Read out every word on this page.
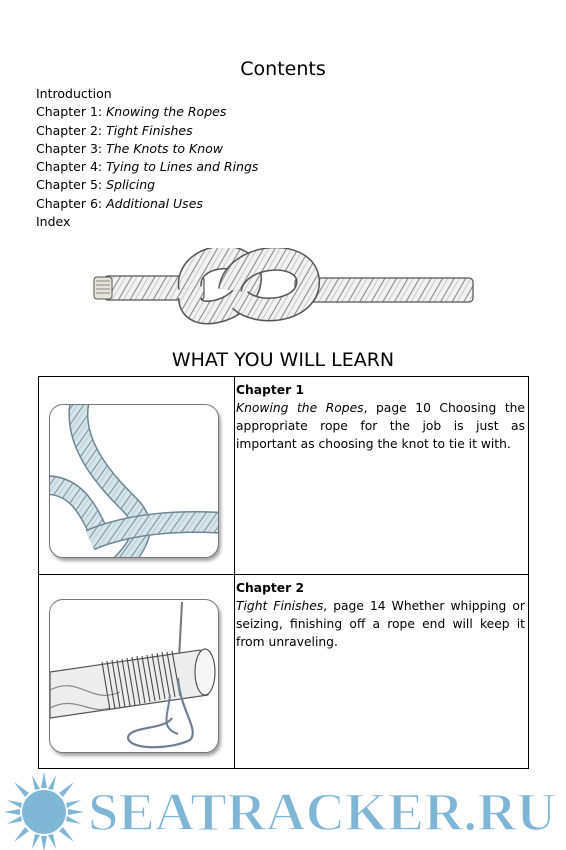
Contents
Introduction
Chapter 1: Knowing the Ropes
Chapter 2: Tight Finishes
Chapter 3: The Knots to Know
Chapter 4: Tying to Lines and Rings
Chapter 5: Splicing
Chapter 6: Additional Uses
Index
WHAT YOU WILL LEARN
Chapter 1
Knowing the Ropes, page 10 Choosing the appropriate rope for the job is just as important as choosing the knot to tie it with.
Chapter 2
Tight Finishes, page 14 Whether whipping or seizing, finishing off a rope end will keep it from unraveling.
SEATRACKER.RU
